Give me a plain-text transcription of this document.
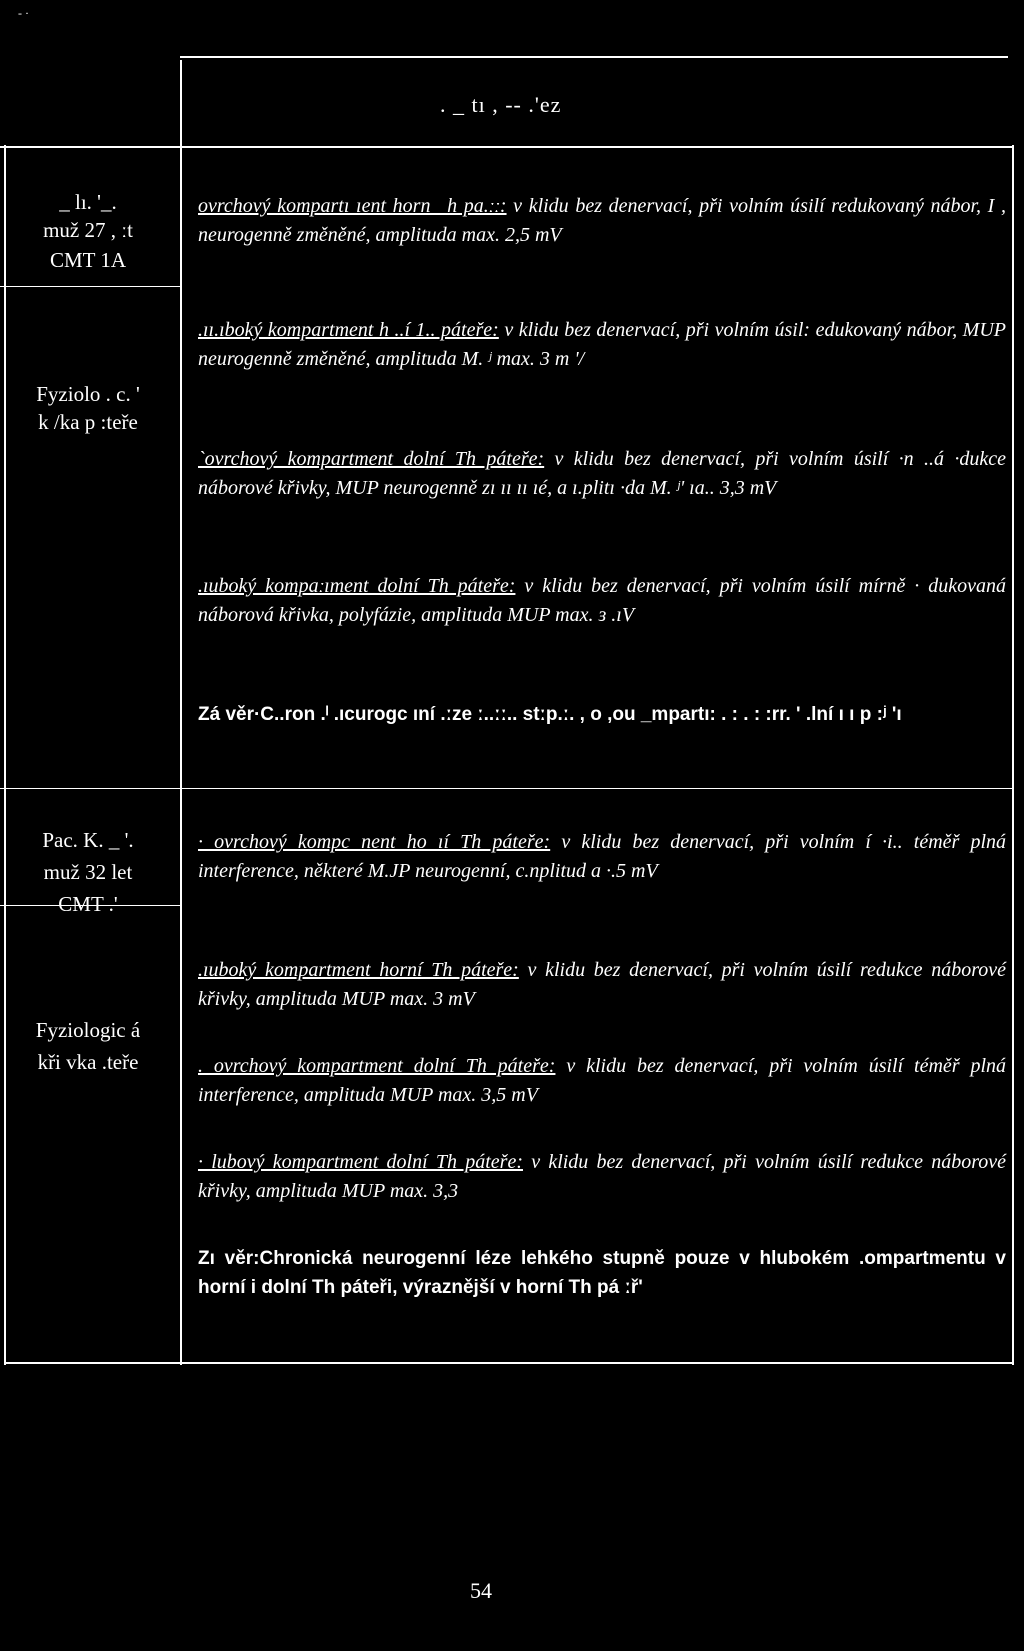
- ·
. _ tı , -- .'ez
_ lı. '_.
muž 27 , ːt
CMT 1A
Fyziolo . c. '
k /ka p :teře
ovrchový kompartı ıent horn _h pa.ːː: v klidu bez denervací, při volním úsilí redukovaný nábor, I , neurogenně změněné, amplituda max. 2,5 mV
.ıı.ıboký kompartment h ..í 1.. páteře: v klidu bez denervací, při volním úsil: edukovaný nábor, MUP neurogenně změněné, amplituda M. ʲ max. 3 m '/
`ovrchový kompartment dolní Th páteře: v klidu bez denervací, při volním úsilí ·n ..á ·dukce náborové křivky, MUP neurogenně zı ıı ıı ıé, a ı.plitı ·da M. ʲ' ıa.. 3,3 mV
.ıuboký kompaːıment dolní Th páteře: v klidu bez denervací, při volním úsilí mírně · dukovaná náborová křivka, polyfázie, amplituda MUP max. ɜ .ıV
Zá věr·C..ron .ˡ .ıcurogc ıní .ːze ː..ːː.. stːp.ː. , o ,ou _mpartı: . : . : :rr. ' .lní ı ı p :ʲ 'ı
Pac. K. _ '.
muž 32 let
CMT .'
Fyziologic á
kři vka .teře
· ovrchový kompc nent ho ıí Th páteře: v klidu bez denervací, při volním í ·i.. téměř plná interference, některé M.JP neurogenní, c.nplitud a ·.5 mV
.ıuboký kompartment horní Th páteře: v klidu bez denervací, při volním úsilí redukce náborové křivky, amplituda MUP max. 3 mV
. ovrchový kompartment dolní Th páteře: v klidu bez denervací, při volním úsilí téměř plná interference, amplituda MUP max. 3,5 mV
· lubový kompartment dolní Th páteře: v klidu bez denervací, při volním úsilí redukce náborové křivky, amplituda MUP max. 3,3
Zı věr:Chronická neurogenní léze lehkého stupně pouze v hlubokém .ompartmentu v horní i dolní Th páteři, výraznější v horní Th pá ːř'
54
